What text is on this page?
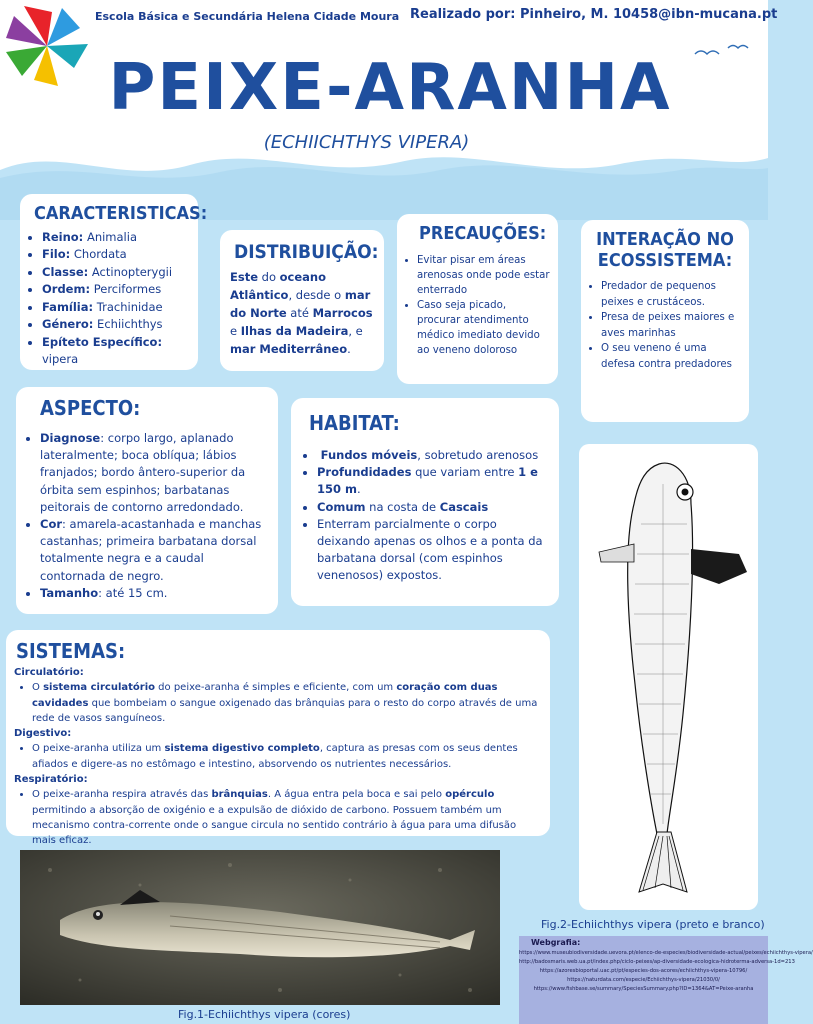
Escola Básica e Secundária Helena Cidade Moura Realizado por: Pinheiro, M. 10458@ibn-mucana.pt
PEIXE-ARANHA
(ECHIICHTHYS VIPERA)
CARACTERISTICAS:
• Reino: Animalia
• Filo: Chordata
• Classe: Actinopterygii
• Ordem: Perciformes
• Família: Trachinidae
• Género: Echiichthys
• Epíteto Específico: vipera
DISTRIBUIÇÃO:

Este do oceano Atlântico, desde o mar do Norte até Marrocos e Ilhas da Madeira, e mar Mediterrâneo.

PRECAUÇÕES:
• Evitar pisar em áreas arenosas onde pode estar enterrado
• Caso seja picado, procurar atendimento médico imediato devido ao veneno doloroso
INTERAÇÃO NO ECOSSISTEMA:
• Predador de pequenos peixes e crustáceos.
• Presa de peixes maiores e aves marinhas
• O seu veneno é uma defesa contra predadores
ASPECTO:
• Diagnose: corpo largo, aplanado lateralmente; boca oblíqua; lábios franjados; bordo ântero-superior da órbita sem espinhos; barbatanas peitorais de contorno arredondado.
• Cor: amarela-acastanhada e manchas castanhas; primeira barbatana dorsal totalmente negra e a caudal contornada de negro.
• Tamanho: até 15 cm.
HABITAT:
• Fundos móveis, sobretudo arenosos
• Profundidades que variam entre 1 e 150 m.
• Comum na costa de Cascais
• Enterram parcialmente o corpo deixando apenas os olhos e a ponta da barbatana dorsal (com espinhos venenosos) expostos.
SISTEMAS:
Circulatório:
• O sistema circulatório do peixe-aranha é simples e eficiente, com um coração com duas cavidades que bombeiam o sangue oxigenado das brânquias para o resto do corpo através de uma rede de vasos sanguíneos.
Digestivo:
• O peixe-aranha utiliza um sistema digestivo completo, captura as presas com os seus dentes afiados e digere-as no estômago e intestino, absorvendo os nutrientes necessários.
Respiratório:
• O peixe-aranha respira através das brânquias. A água entra pela boca e sai pelo opérculo permitindo a absorção de oxigénio e a expulsão de dióxido de carbono. Possuem também um mecanismo contra-corrente onde o sangue circula no sentido contrário à água para uma difusão mais eficaz.
Fig.1-Echiichthys vipera (cores)
Fig.2-Echiichthys vipera (preto e branco)
Webgrafia:
https://www.museubiodiversidade.uevora.pt/elenco-de-especies/biodiversidade-actual/peixes/echiichthys-vipera/
http://badosmaris.web.ua.pt/index.php/ciclo-peixes/ap-diversidade-ecologica-hidroterma-adversa-1d=213
https://azoresbioportal.uac.pt/pt/especies-dos-acores/echiichthys-vipera-10796/
https://naturdata.com/especie/Echiichthys-vipera/21030/0/
https://www.fishbase.se/summary/SpeciesSummary.php?ID=1364&AT=Peixe-aranha
